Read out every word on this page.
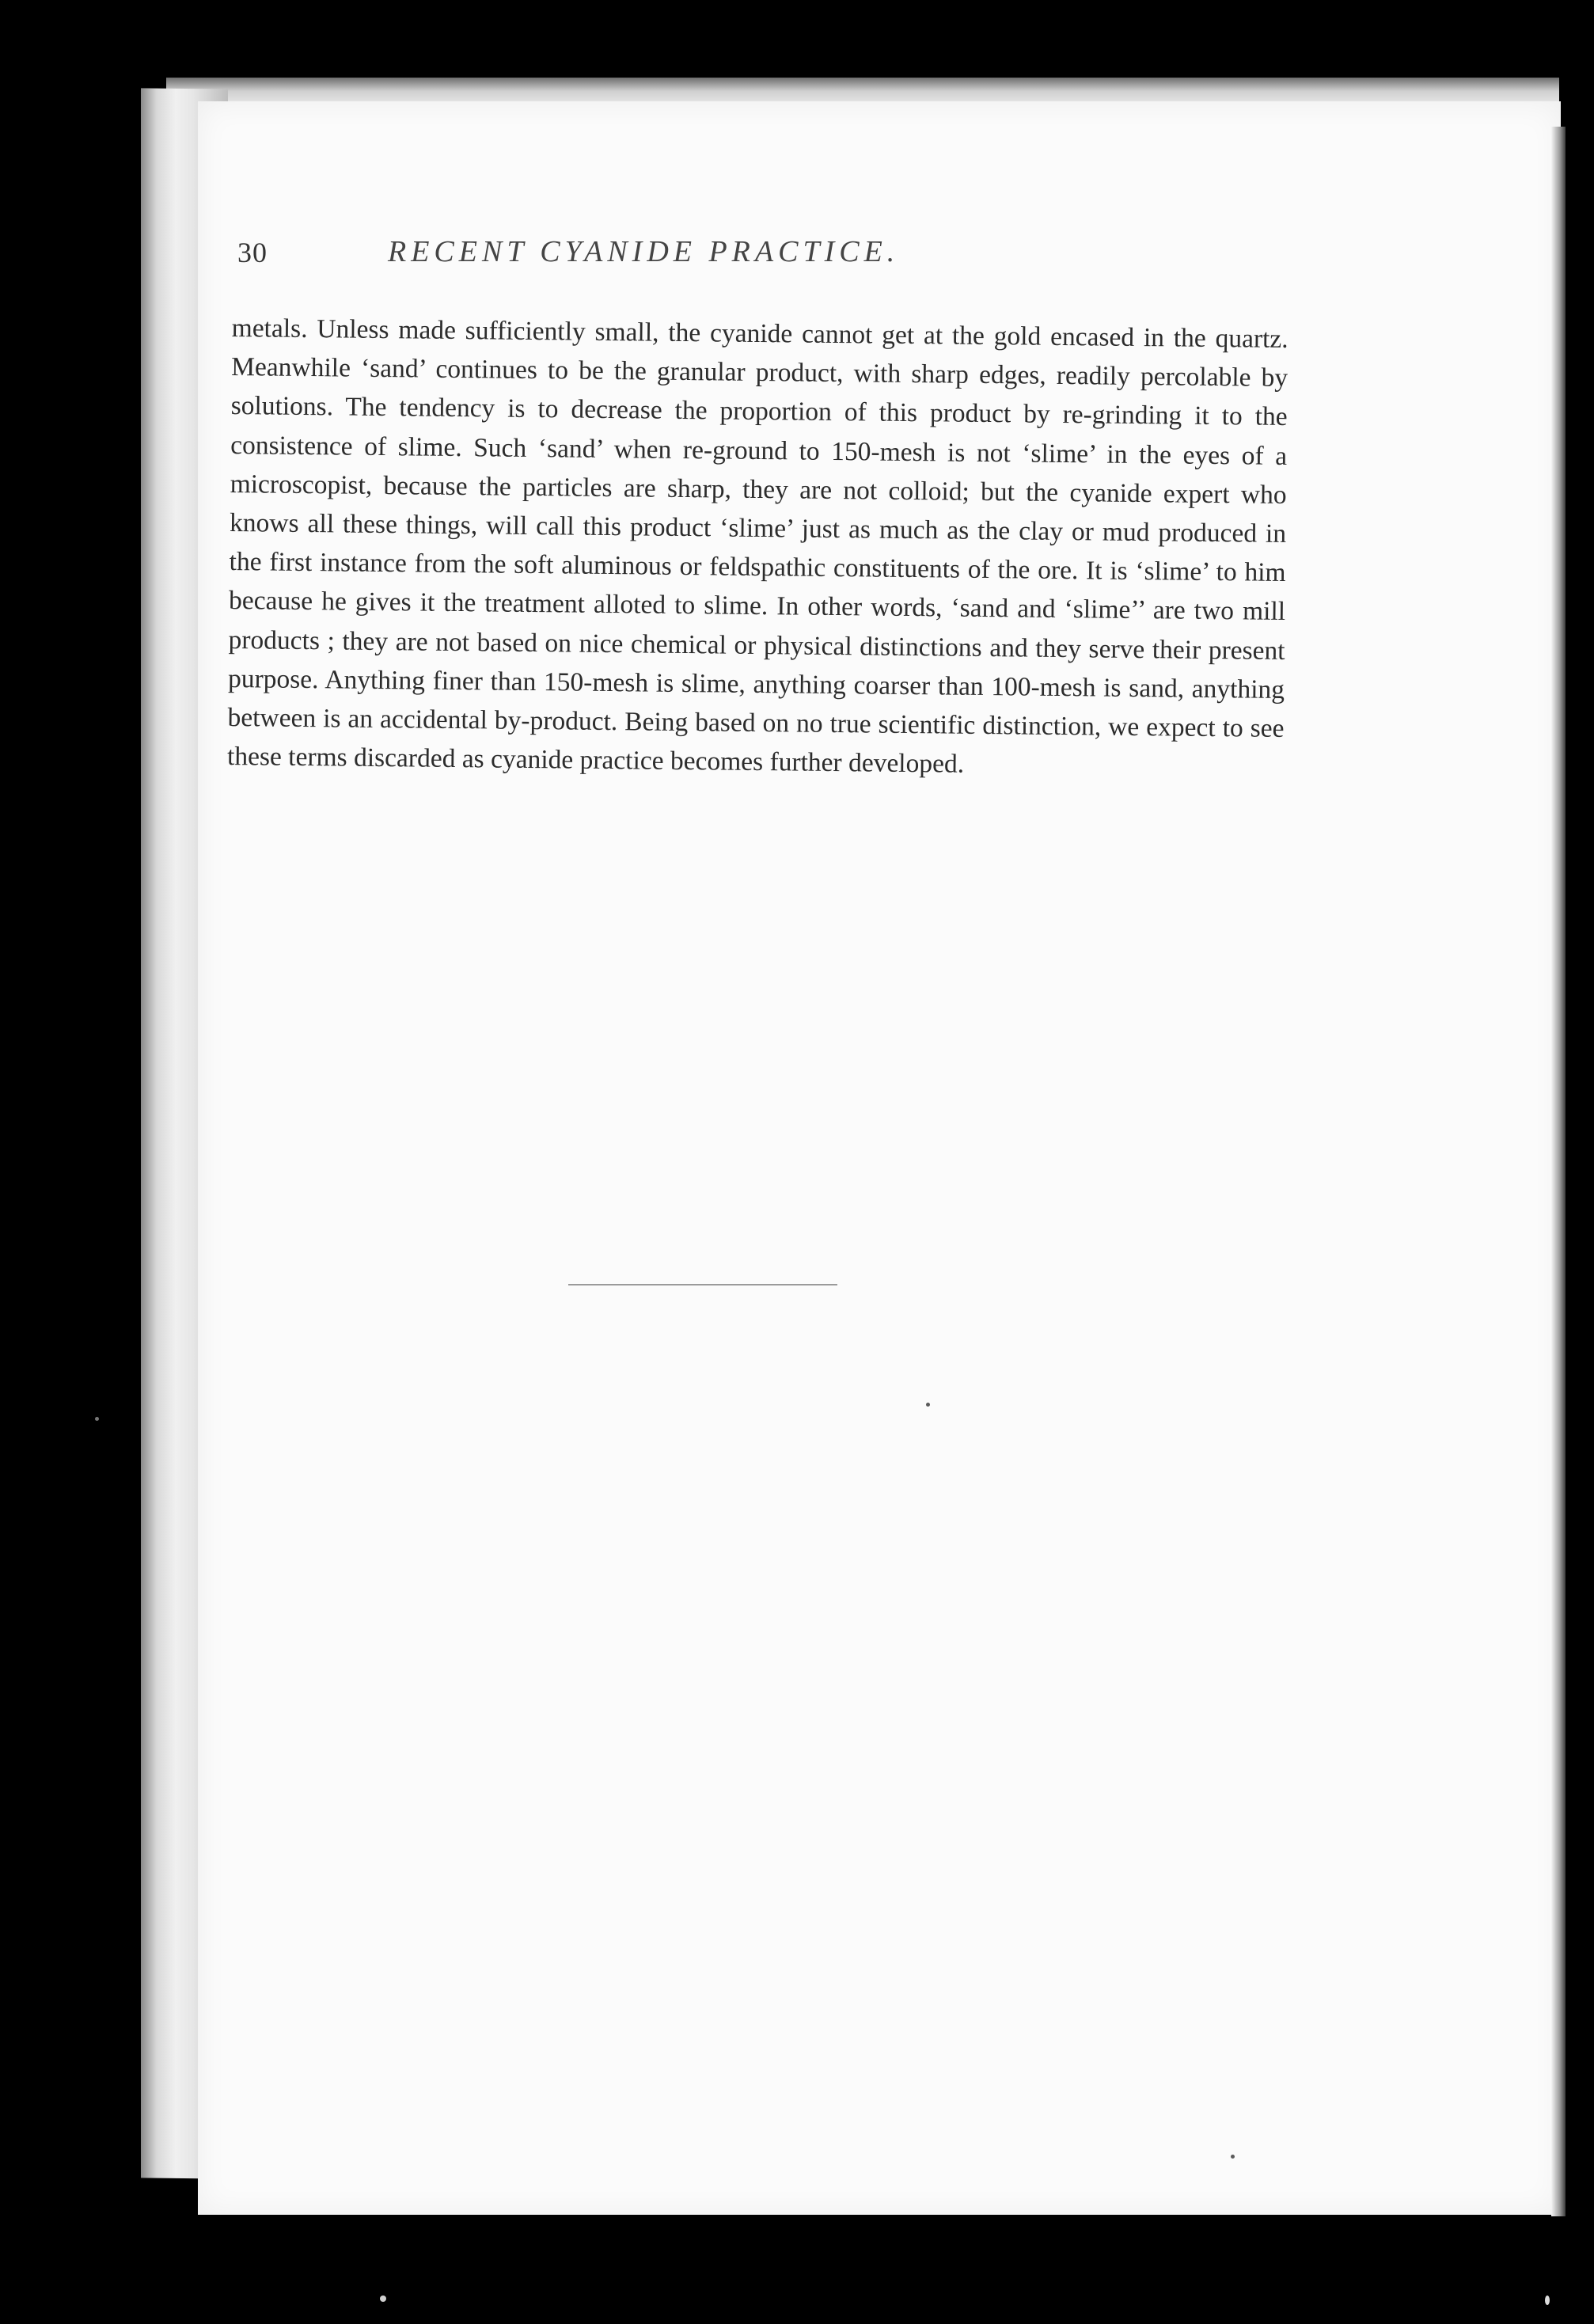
30	RECENT CYANIDE PRACTICE.

metals. Unless made sufficiently small, the cyanide cannot get at the gold encased in the quartz. Meanwhile ‘sand’ continues to be the granular product, with sharp edges, readily percolable by solutions. The tendency is to decrease the proportion of this product by re-grinding it to the consistence of slime. Such ‘sand’ when re-ground to 150-mesh is not ‘slime’ in the eyes of a microscopist, because the particles are sharp, they are not colloid; but the cyanide expert who knows all these things, will call this product ‘slime’ just as much as the clay or mud produced in the first instance from the soft aluminous or feldspathic constituents of the ore. It is ‘slime’ to him because he gives it the treatment alloted to slime. In other words, ‘sand and ‘slime’’ are two mill products ; they are not based on nice chemical or physical distinctions and they serve their present purpose. Anything finer than 150-mesh is slime, anything coarser than 100-mesh is sand, anything between is an accidental by-product. Being based on no true scientific distinction, we expect to see these terms discarded as cyanide practice becomes further developed.
